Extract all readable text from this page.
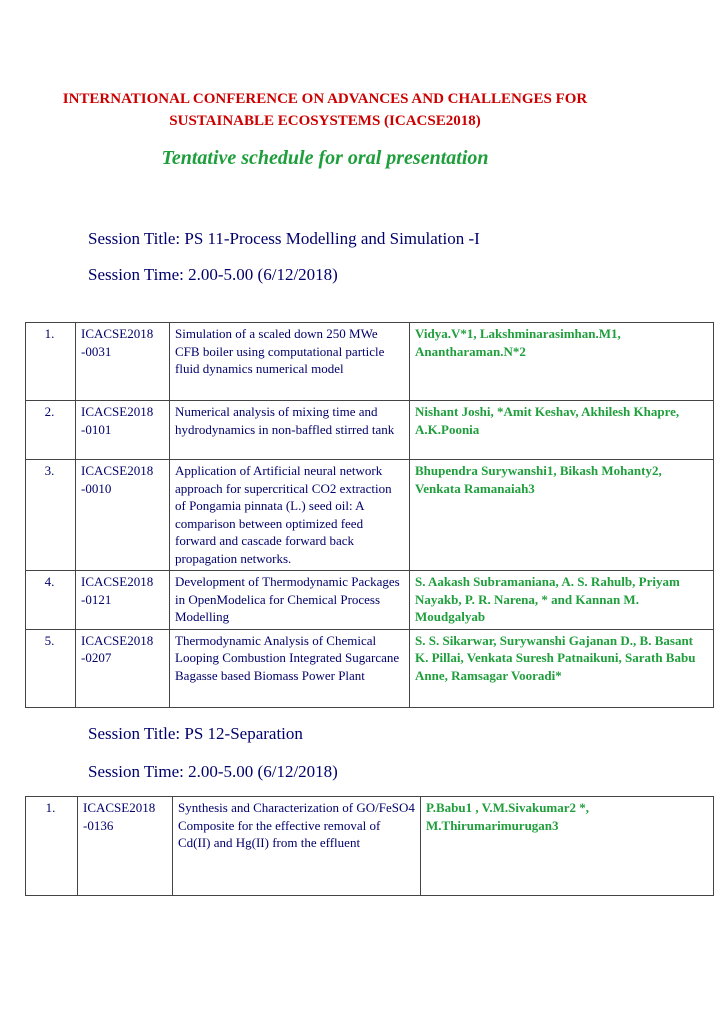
INTERNATIONAL CONFERENCE ON ADVANCES AND CHALLENGES FOR
SUSTAINABLE ECOSYSTEMS (ICACSE2018)
Tentative schedule for oral presentation
Session Title: PS 11-Process Modelling and Simulation -I
Session Time: 2.00-5.00 (6/12/2018)
1.	ICACSE2018 -0031	Simulation of a scaled down 250 MWe CFB boiler using computational particle fluid dynamics numerical model	Vidya.V*1, Lakshminarasimhan.M1, Anantharaman.N*2
2.	ICACSE2018 -0101	Numerical analysis of mixing time and hydrodynamics in non-baffled stirred tank	Nishant Joshi, *Amit Keshav, Akhilesh Khapre, A.K.Poonia
3.	ICACSE2018 -0010	Application of Artificial neural network approach for supercritical CO2 extraction of Pongamia pinnata (L.) seed oil: A comparison between optimized feed forward and cascade forward back propagation networks.	Bhupendra Surywanshi1, Bikash Mohanty2, Venkata Ramanaiah3
4.	ICACSE2018 -0121	Development of Thermodynamic Packages in OpenModelica for Chemical Process Modelling	S. Aakash Subramaniana, A. S. Rahulb, Priyam Nayakb, P. R. Narena, * and Kannan M. Moudgalyab
5.	ICACSE2018 -0207	Thermodynamic Analysis of Chemical Looping Combustion Integrated Sugarcane Bagasse based Biomass Power Plant	S. S. Sikarwar, Surywanshi Gajanan D., B. Basant K. Pillai, Venkata Suresh Patnaikuni, Sarath Babu Anne, Ramsagar Vooradi*
Session Title: PS 12-Separation
Session Time: 2.00-5.00 (6/12/2018)
1.	ICACSE2018 -0136	Synthesis and Characterization of GO/FeSO4 Composite for the effective removal of Cd(II) and Hg(II) from the effluent	P.Babu1 , V.M.Sivakumar2 *, M.Thirumarimurugan3
